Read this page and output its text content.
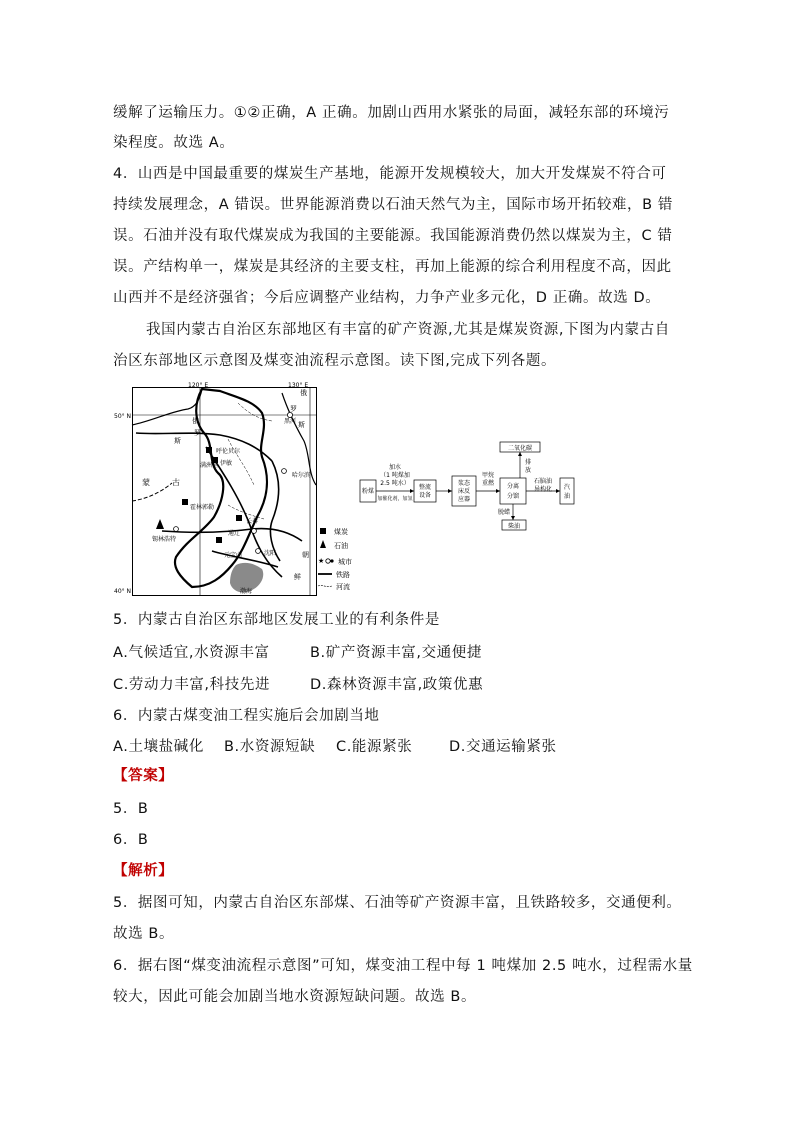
缓解了运输压力。①②正确，A 正确。加剧山西用水紧张的局面，减轻东部的环境污
染程度。故选 A。
4．山西是中国最重要的煤炭生产基地，能源开发规模较大，加大开发煤炭不符合可
持续发展理念，A 错误。世界能源消费以石油天然气为主，国际市场开拓较难，B 错
误。石油并没有取代煤炭成为我国的主要能源。我国能源消费仍然以煤炭为主，C 错
误。产结构单一，煤炭是其经济的主要支柱，再加上能源的综合利用程度不高，因此
山西并不是经济强省；今后应调整产业结构，力争产业多元化，D 正确。故选 D。
我国内蒙古自治区东部地区有丰富的矿产资源,尤其是煤炭资源,下图为内蒙古自
治区东部地区示意图及煤变油流程示意图。读下图,完成下列各题。
120° E	130° E
50° N
40° N
俄
罗
斯
俄
罗
斯
黑河
满洲里
呼伦贝尔
伊敏
蒙	古
霍林郭勒
锡林浩特
哈尔滨
长春
通辽
沈阳
元宝山	朝
鲜
渤海
煤炭
石油
★ 城市
铁路
河流
粉煤
加水
（1 吨煤加
2.5 吨水）
加催化剂，加氢
整流
设备
浆态
床反
应器
甲烷
重燃 分离
分馏
二氧化碳
排
放
石脑油
异构化 汽
油
脱蜡
柴油
5．内蒙古自治区东部地区发展工业的有利条件是
A.气候适宜,水资源丰富	B.矿产资源丰富,交通便捷
C.劳动力丰富,科技先进	D.森林资源丰富,政策优惠
6．内蒙古煤变油工程实施后会加剧当地
A.土壤盐碱化 B.水资源短缺 C.能源紧张	D.交通运输紧张
【答案】
5．B
6．B
【解析】
5．据图可知，内蒙古自治区东部煤、石油等矿产资源丰富，且铁路较多，交通便利。
故选 B。
6．据右图“煤变油流程示意图”可知，煤变油工程中每 1 吨煤加 2.5 吨水，过程需水量
较大，因此可能会加剧当地水资源短缺问题。故选 B。
